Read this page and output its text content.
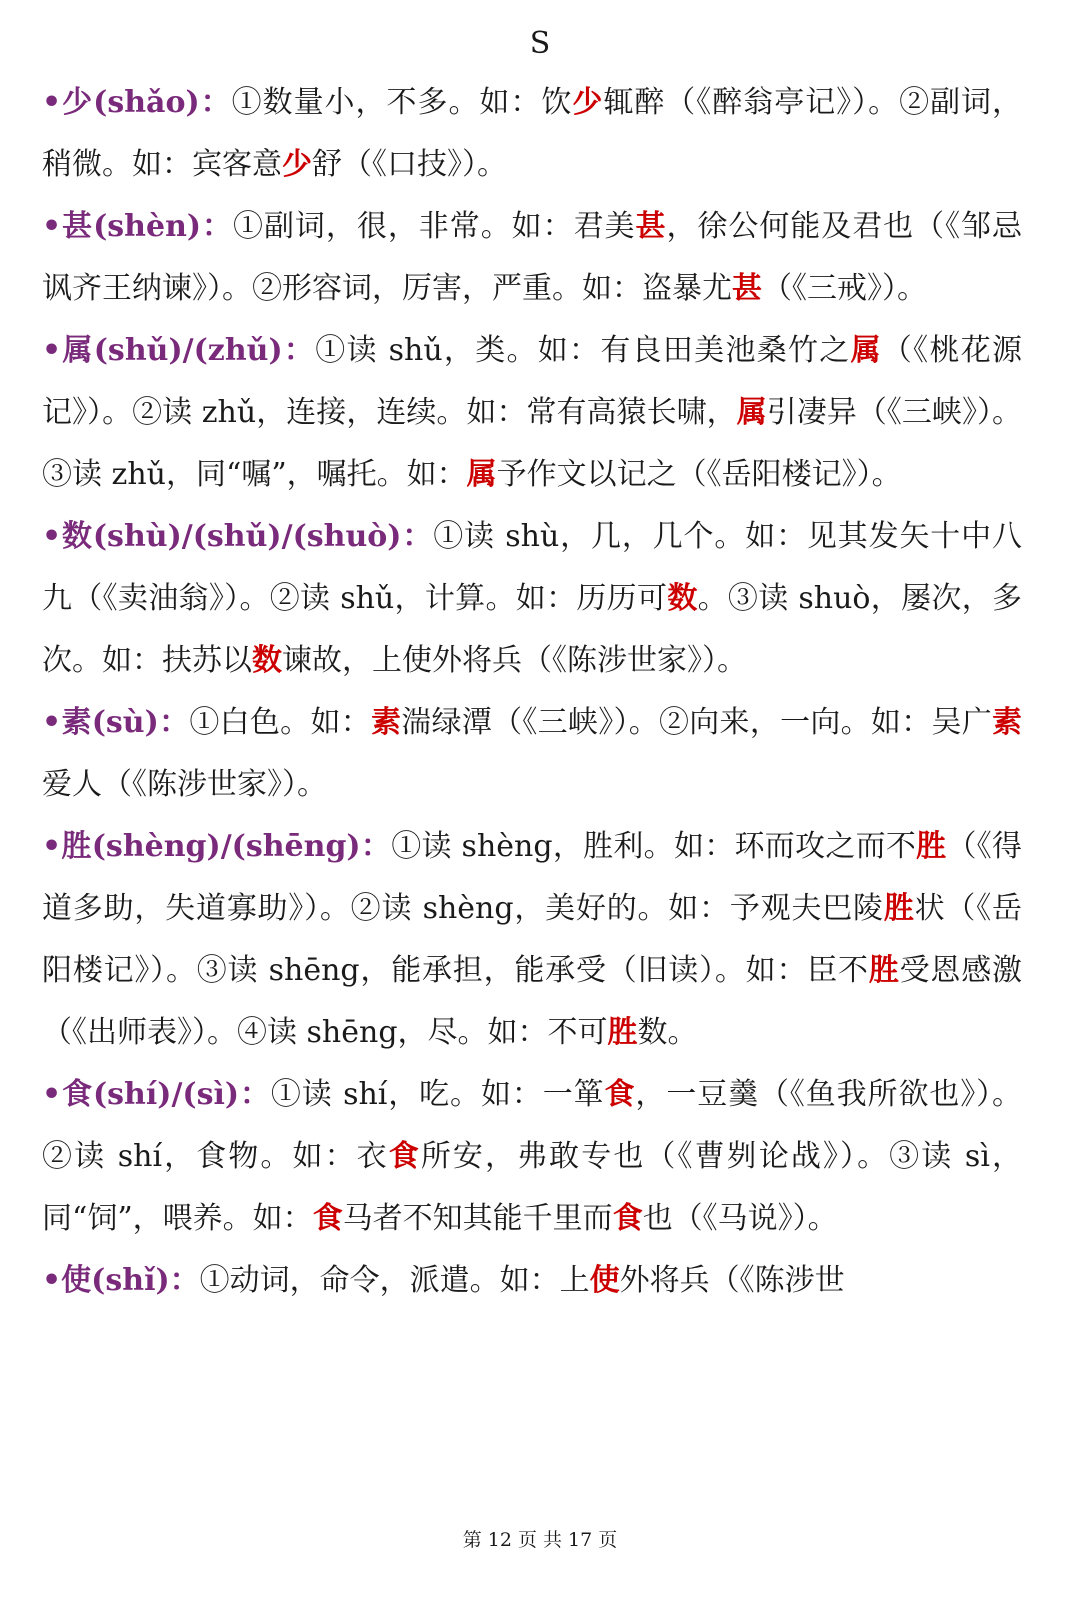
S

•少(shǎo)：①数量小，不多。如：饮少辄醉（《醉翁亭记》）。②副词，稍微。如：宾客意少舒（《口技》）。

•甚(shèn)：①副词，很，非常。如：君美甚，徐公何能及君也（《邹忌讽齐王纳谏》）。②形容词，厉害，严重。如：盗暴尤甚（《三戒》）。

•属(shǔ)/(zhǔ)：①读 shǔ，类。如：有良田美池桑竹之属（《桃花源记》）。②读 zhǔ，连接，连续。如：常有高猿长啸，属引凄异（《三峡》）。③读 zhǔ，同“嘱”，嘱托。如：属予作文以记之（《岳阳楼记》）。

•数(shù)/(shǔ)/(shuò)：①读 shù，几，几个。如：见其发矢十中八九（《卖油翁》）。②读 shǔ，计算。如：历历可数。③读 shuò，屡次，多次。如：扶苏以数谏故，上使外将兵（《陈涉世家》）。

•素(sù)：①白色。如：素湍绿潭（《三峡》）。②向来，一向。如：吴广素爱人（《陈涉世家》）。

•胜(shèng)/(shēng)：①读 shèng，胜利。如：环而攻之而不胜（《得道多助，失道寡助》）。②读 shèng，美好的。如：予观夫巴陵胜状（《岳阳楼记》）。③读 shēng，能承担，能承受（旧读）。如：臣不胜受恩感激（《出师表》）。④读 shēng，尽。如：不可胜数。

•食(shí)/(sì)：①读 shí，吃。如：一箪食，一豆羹（《鱼我所欲也》）。②读 shí，食物。如：衣食所安，弗敢专也（《曹刿论战》）。③读 sì，同“饲”，喂养。如：食马者不知其能千里而食也（《马说》）。

•使(shǐ)：①动词，命令，派遣。如：上使外将兵（《陈涉世

第 12 页 共 17 页
